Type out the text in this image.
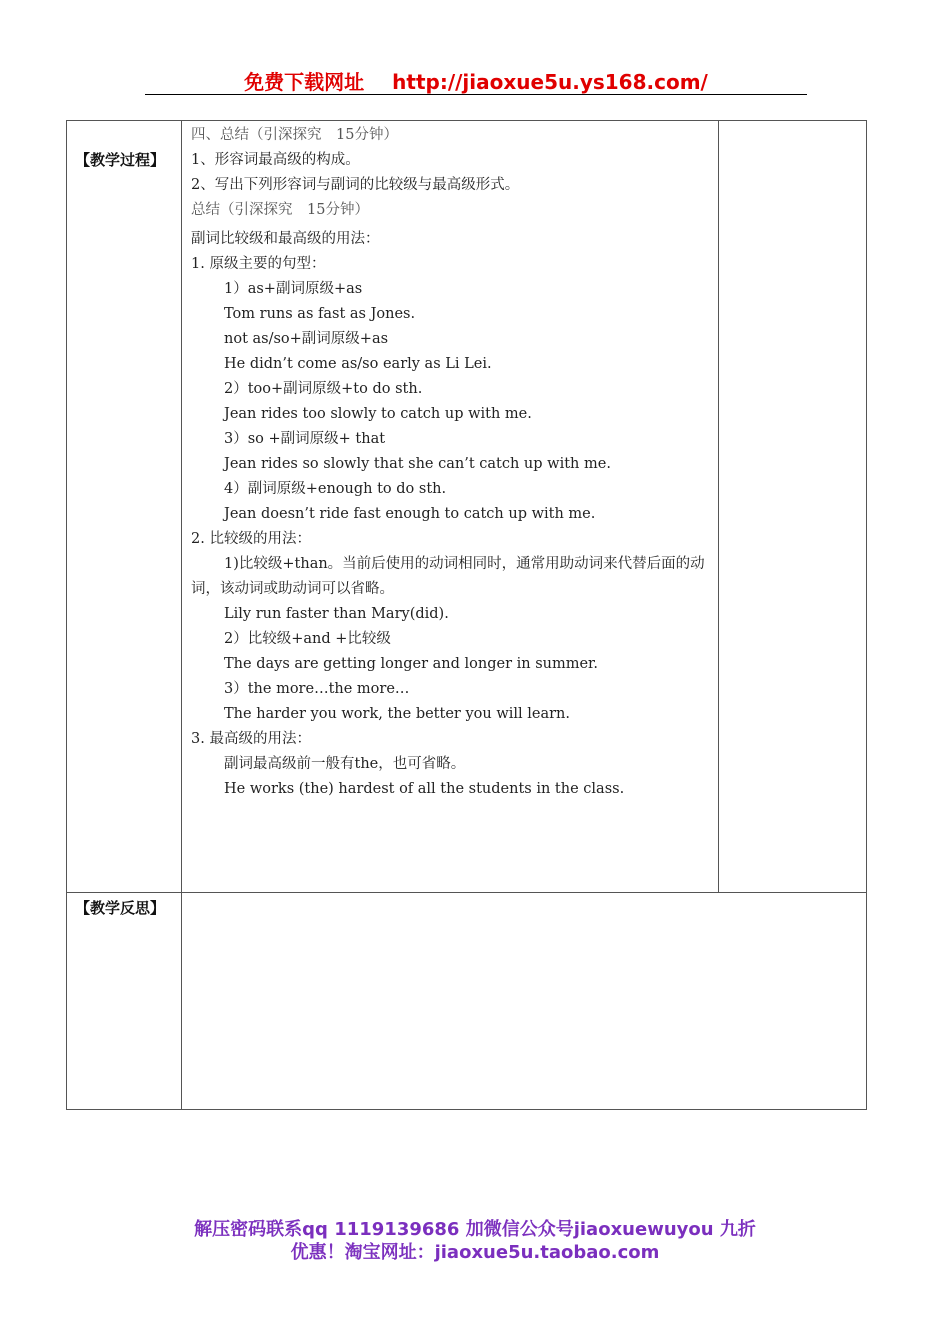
免费下载网址 http://jiaoxue5u.ys168.com/
【教学过程】
【教学反思】
四、总结（引深探究　15分钟）
1、形容词最高级的构成。
2、写出下列形容词与副词的比较级与最高级形式。
总结（引深探究　15分钟）
副词比较级和最高级的用法：
1. 原级主要的句型：
1）as+副词原级+as
Tom runs as fast as Jones.
not as/so+副词原级+as
He didn’t come as/so early as Li Lei.
2）too+副词原级+to do sth.
Jean rides too slowly to catch up with me.
3）so +副词原级+ that
Jean rides so slowly that she can’t catch up with me.
4）副词原级+enough to do sth.
Jean doesn’t ride fast enough to catch up with me.
2. 比较级的用法：
1)比较级+than。当前后使用的动词相同时，通常用助动词来代替后面的动词，该动词或助动词可以省略。
Lily run faster than Mary(did).
2）比较级+and +比较级
The days are getting longer and longer in summer.
3）the more…the more…
The harder you work, the better you will learn.
3. 最高级的用法：
副词最高级前一般有the，也可省略。
He works (the) hardest of all the students in the class.
解压密码联系qq 1119139686 加微信公众号jiaoxuewuyou 九折
优惠！淘宝网址：jiaoxue5u.taobao.com
